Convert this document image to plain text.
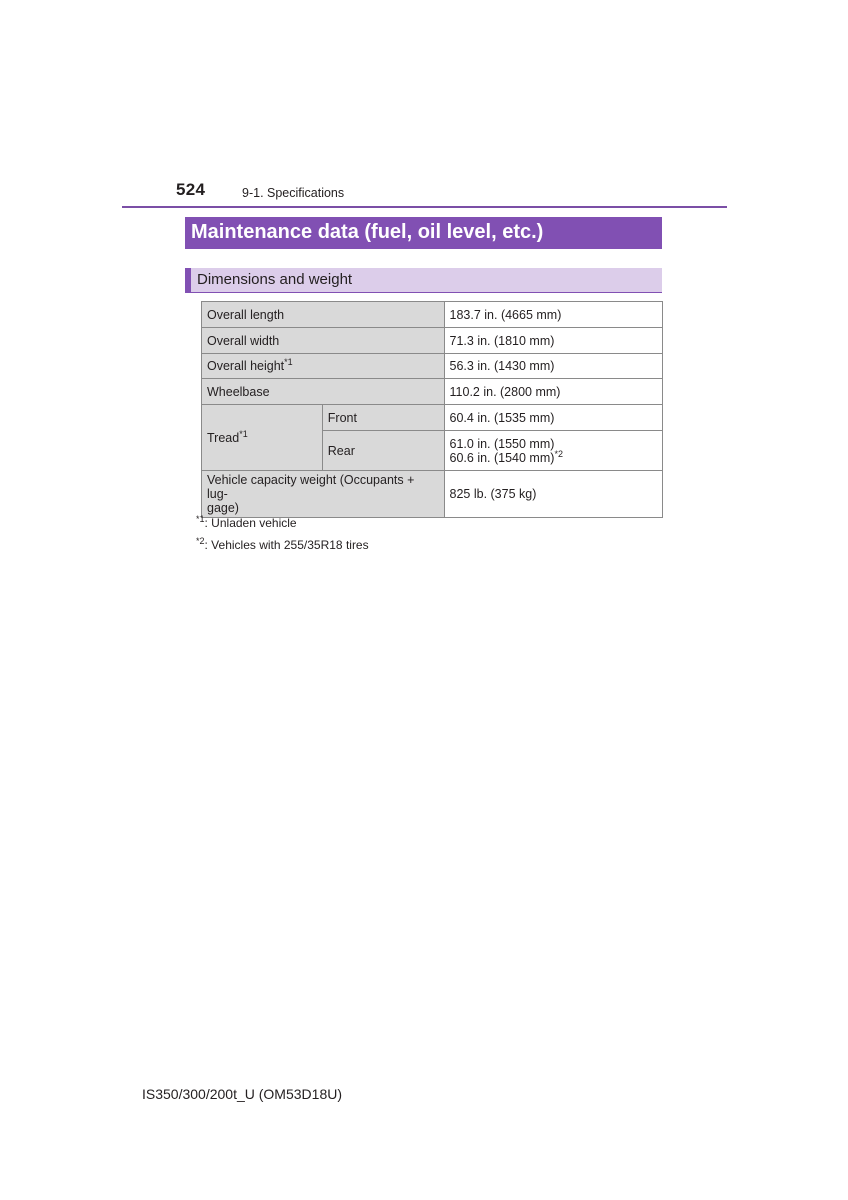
524	9-1. Specifications
Maintenance data (fuel, oil level, etc.)
Dimensions and weight
Overall length		183.7 in. (4665 mm)
Overall width		71.3 in. (1810 mm)
Overall height$^{*1}$		56.3 in. (1430 mm)
Wheelbase		110.2 in. (2800 mm)
Tread$^{*1}$	Front	60.4 in. (1535 mm)
	Rear	61.0 in. (1550 mm)
60.6 in. (1540 mm)$^{*2}$

Vehicle capacity weight (Occupants + lug-
gage)		825 lb. (375 kg)
$^{*1}$: Unladen vehicle
$^{*2}$: Vehicles with 255/35R18 tires
IS350/300/200t_U (OM53D18U)
